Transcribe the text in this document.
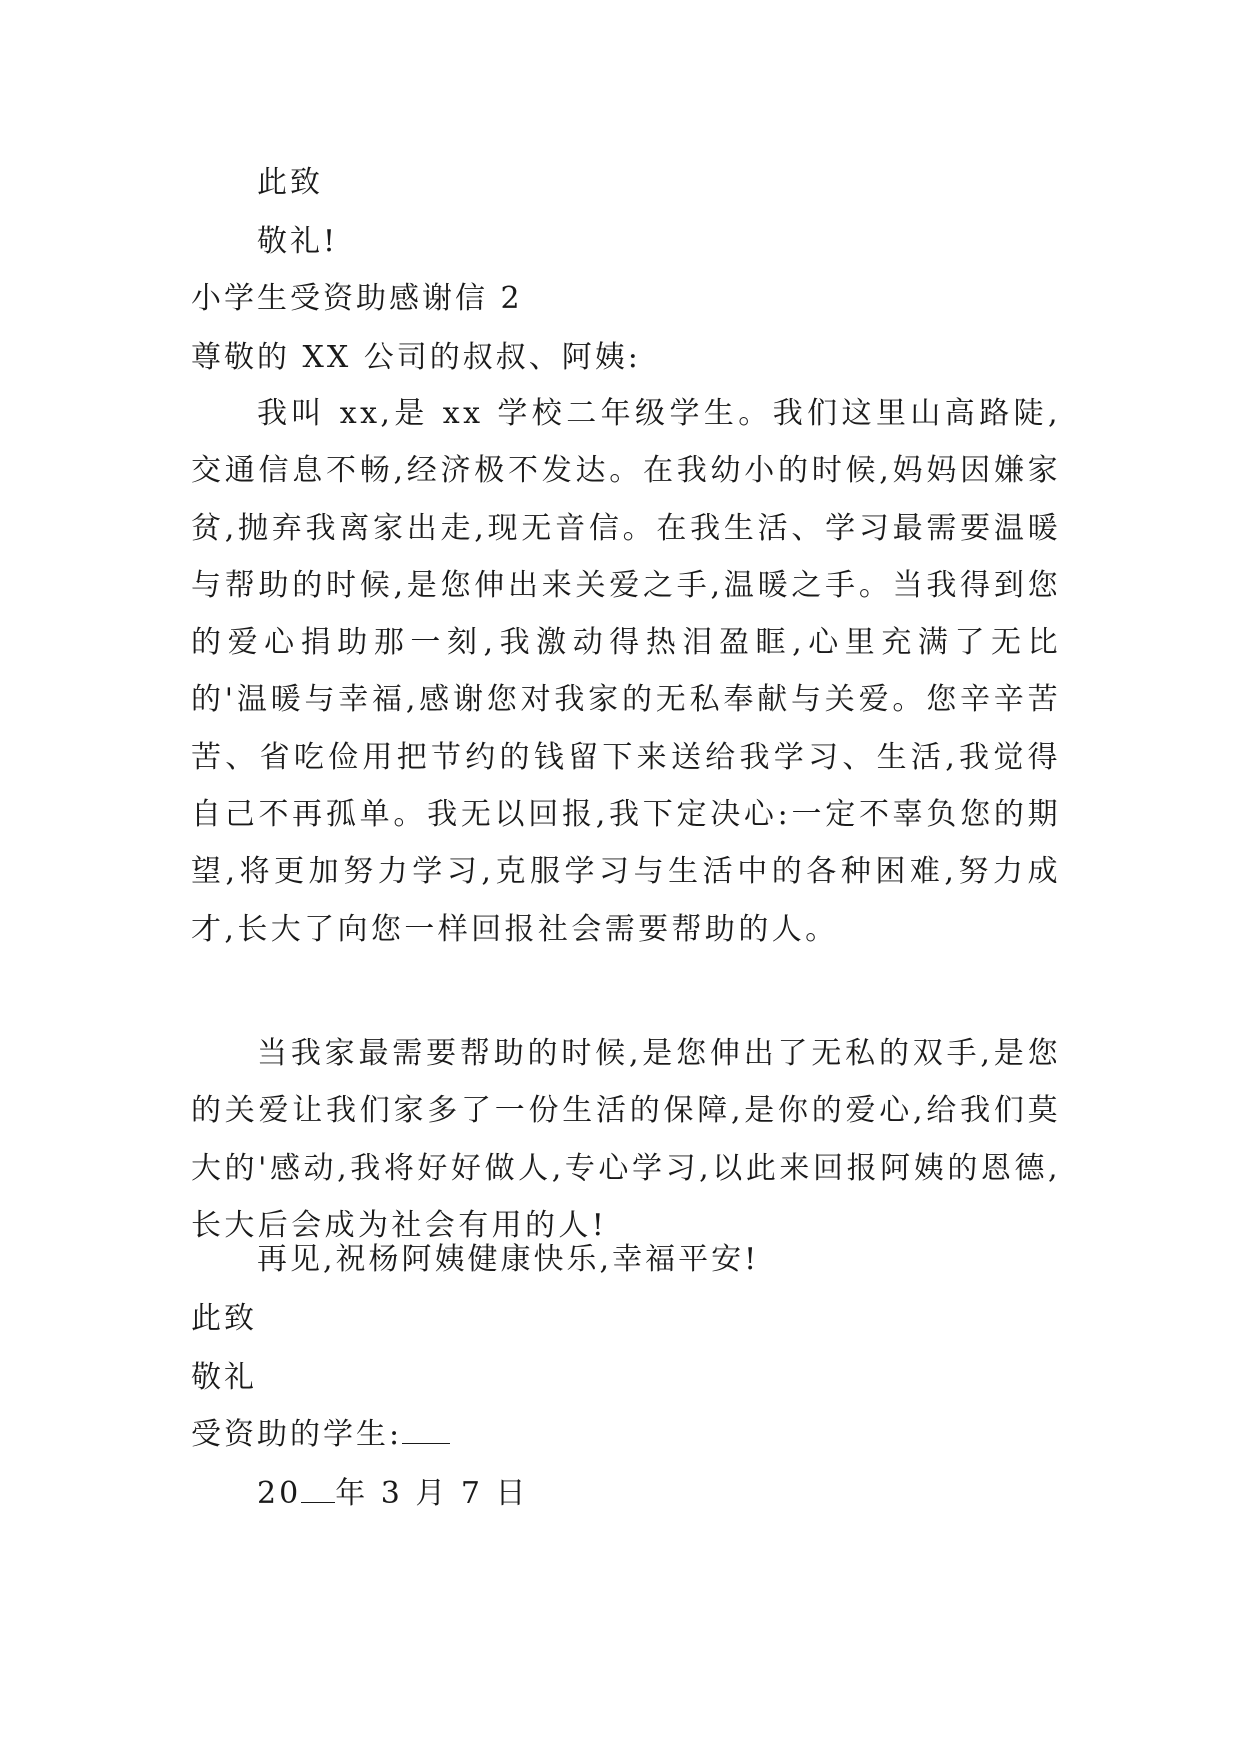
此致
敬礼!
小学生受资助感谢信 2
尊敬的 XX 公司的叔叔、阿姨:
我叫 xx,是 xx 学校二年级学生。我们这里山高路陡,交通信息不畅,经济极不发达。在我幼小的时候,妈妈因嫌家贫,抛弃我离家出走,现无音信。在我生活、学习最需要温暖与帮助的时候,是您伸出来关爱之手,温暖之手。当我得到您的爱心捐助那一刻,我激动得热泪盈眶,心里充满了无比的'温暖与幸福,感谢您对我家的无私奉献与关爱。您辛辛苦苦、省吃俭用把节约的钱留下来送给我学习、生活,我觉得自己不再孤单。我无以回报,我下定决心:一定不辜负您的期望,将更加努力学习,克服学习与生活中的各种困难,努力成才,长大了向您一样回报社会需要帮助的人。
当我家最需要帮助的时候,是您伸出了无私的双手,是您的关爱让我们家多了一份生活的保障,是你的爱心,给我们莫大的'感动,我将好好做人,专心学习,以此来回报阿姨的恩德,长大后会成为社会有用的人!
再见,祝杨阿姨健康快乐,幸福平安!
此致
敬礼
受资助的学生:
20 年 3 月 7 日
